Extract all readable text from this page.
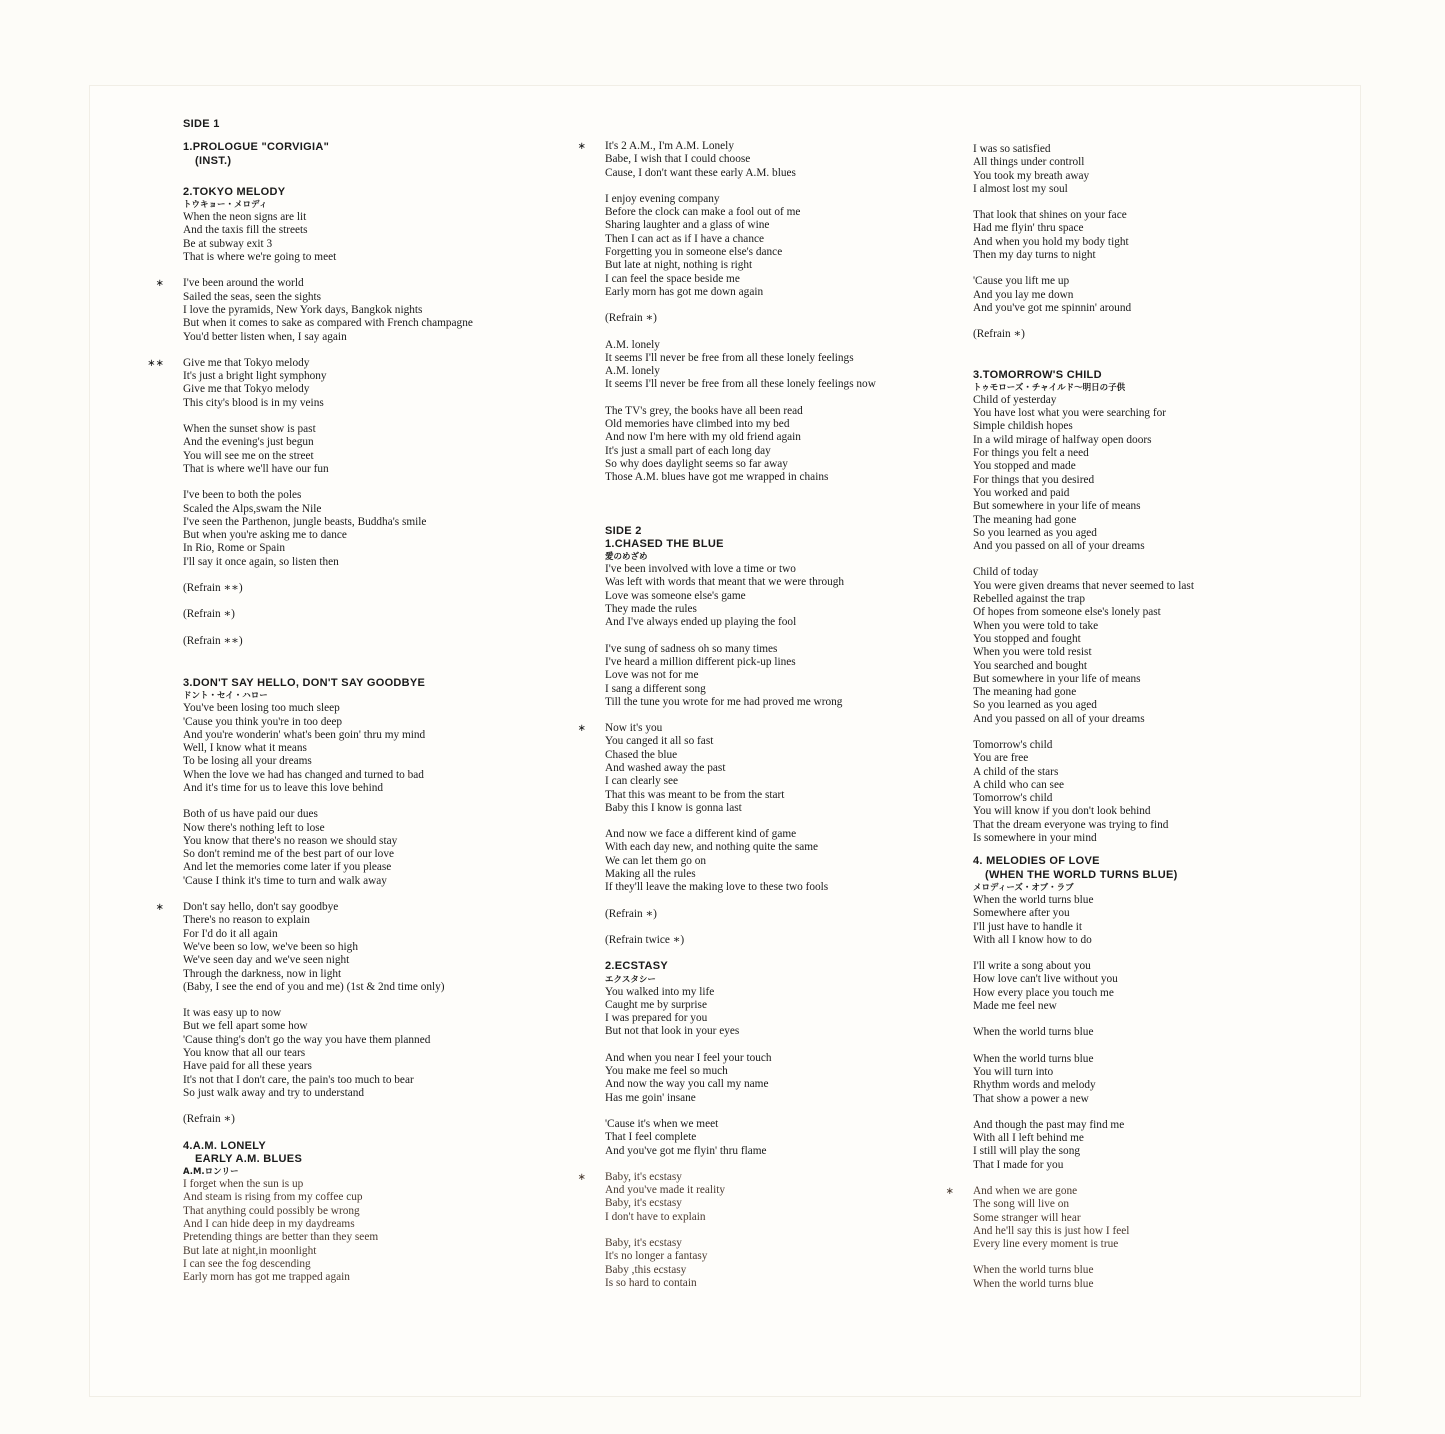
SIDE 1
1.PROLOGUE "CORVIGIA"
(INST.)
2.TOKYO MELODY
トウキョー・メロディ
When the neon signs are lit
And the taxis fill the streets
Be at subway exit 3
That is where we're going to meet
∗ I've been around the world
Sailed the seas, seen the sights
I love the pyramids, New York days, Bangkok nights
But when it comes to sake as compared with French champagne
You'd better listen when, I say again
∗∗ Give me that Tokyo melody
It's just a bright light symphony
Give me that Tokyo melody
This city's blood is in my veins
When the sunset show is past
And the evening's just begun
You will see me on the street
That is where we'll have our fun
I've been to both the poles
Scaled the Alps,swam the Nile
I've seen the Parthenon, jungle beasts, Buddha's smile
But when you're asking me to dance
In Rio, Rome or Spain
I'll say it once again, so listen then
(Refrain ∗∗)
(Refrain ∗)
(Refrain ∗∗)
3.DON'T SAY HELLO, DON'T SAY GOODBYE
ドント・セイ・ハロー
You've been losing too much sleep
'Cause you think you're in too deep
And you're wonderin' what's been goin' thru my mind
Well, I know what it means
To be losing all your dreams
When the love we had has changed and turned to bad
And it's time for us to leave this love behind
Both of us have paid our dues
Now there's nothing left to lose
You know that there's no reason we should stay
So don't remind me of the best part of our love
And let the memories come later if you please
'Cause I think it's time to turn and walk away
∗ Don't say hello, don't say goodbye
There's no reason to explain
For I'd do it all again
We've been so low, we've been so high
We've seen day and we've seen night
Through the darkness, now in light
(Baby, I see the end of you and me) (1st & 2nd time only)
It was easy up to now
But we fell apart some how
'Cause thing's don't go the way you have them planned
You know that all our tears
Have paid for all these years
It's not that I don't care, the pain's too much to bear
So just walk away and try to understand
(Refrain ∗)
4.A.M. LONELY
EARLY A.M. BLUES
A.M.ロンリー
I forget when the sun is up
And steam is rising from my coffee cup
That anything could possibly be wrong
And I can hide deep in my daydreams
Pretending things are better than they seem
But late at night,in moonlight
I can see the fog descending
Early morn has got me trapped again
∗ It's 2 A.M., I'm A.M. Lonely
Babe, I wish that I could choose
Cause, I don't want these early A.M. blues
I enjoy evening company
Before the clock can make a fool out of me
Sharing laughter and a glass of wine
Then I can act as if I have a chance
Forgetting you in someone else's dance
But late at night, nothing is right
I can feel the space beside me
Early morn has got me down again
(Refrain ∗)
A.M. lonely
It seems I'll never be free from all these lonely feelings
A.M. lonely
It seems I'll never be free from all these lonely feelings now
The TV's grey, the books have all been read
Old memories have climbed into my bed
And now I'm here with my old friend again
It's just a small part of each long day
So why does daylight seems so far away
Those A.M. blues have got me wrapped in chains
SIDE 2
1.CHASED THE BLUE
愛のめざめ
I've been involved with love a time or two
Was left with words that meant that we were through
Love was someone else's game
They made the rules
And I've always ended up playing the fool
I've sung of sadness oh so many times
I've heard a million different pick-up lines
Love was not for me
I sang a different song
Till the tune you wrote for me had proved me wrong
∗ Now it's you
You canged it all so fast
Chased the blue
And washed away the past
I can clearly see
That this was meant to be from the start
Baby this I know is gonna last
And now we face a different kind of game
With each day new, and nothing quite the same
We can let them go on
Making all the rules
If they'll leave the making love to these two fools
(Refrain ∗)
(Refrain twice ∗)
2.ECSTASY
エクスタシー
You walked into my life
Caught me by surprise
I was prepared for you
But not that look in your eyes
And when you near I feel your touch
You make me feel so much
And now the way you call my name
Has me goin' insane
'Cause it's when we meet
That I feel complete
And you've got me flyin' thru flame
∗ Baby, it's ecstasy
And you've made it reality
Baby, it's ecstasy
I don't have to explain
Baby, it's ecstasy
It's no longer a fantasy
Baby ,this ecstasy
Is so hard to contain
I was so satisfied
All things under controll
You took my breath away
I almost lost my soul
That look that shines on your face
Had me flyin' thru space
And when you hold my body tight
Then my day turns to night
'Cause you lift me up
And you lay me down
And you've got me spinnin' around
(Refrain ∗)
3.TOMORROW'S CHILD
トゥモローズ・チャイルド～明日の子供
Child of yesterday
You have lost what you were searching for
Simple childish hopes
In a wild mirage of halfway open doors
For things you felt a need
You stopped and made
For things that you desired
You worked and paid
But somewhere in your life of means
The meaning had gone
So you learned as you aged
And you passed on all of your dreams
Child of today
You were given dreams that never seemed to last
Rebelled against the trap
Of hopes from someone else's lonely past
When you were told to take
You stopped and fought
When you were told resist
You searched and bought
But somewhere in your life of means
The meaning had gone
So you learned as you aged
And you passed on all of your dreams
Tomorrow's child
You are free
A child of the stars
A child who can see
Tomorrow's child
You will know if you don't look behind
That the dream everyone was trying to find
Is somewhere in your mind
4. MELODIES OF LOVE
(WHEN THE WORLD TURNS BLUE)
メロディーズ・オブ・ラブ
When the world turns blue
Somewhere after you
I'll just have to handle it
With all I know how to do
I'll write a song about you
How love can't live without you
How every place you touch me
Made me feel new
When the world turns blue
When the world turns blue
You will turn into
Rhythm words and melody
That show a power a new
And though the past may find me
With all I left behind me
I still will play the song
That I made for you
∗ And when we are gone
The song will live on
Some stranger will hear
And he'll say this is just how I feel
Every line every moment is true
When the world turns blue
When the world turns blue
